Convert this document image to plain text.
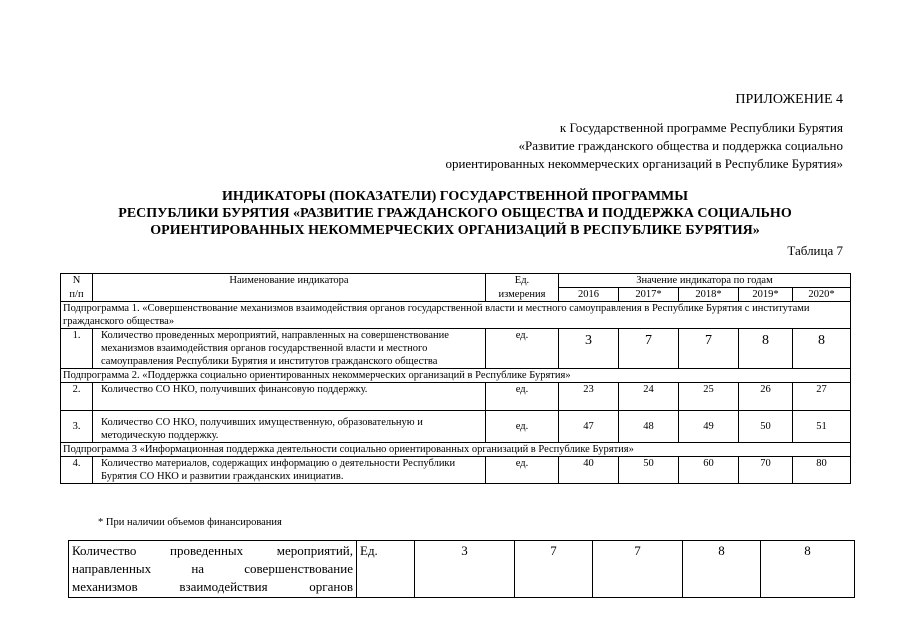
ПРИЛОЖЕНИЕ 4
к Государственной программе Республики Бурятия
«Развитие гражданского общества и поддержка социально
ориентированных некоммерческих организаций в Республике Бурятия»
ИНДИКАТОРЫ (ПОКАЗАТЕЛИ) ГОСУДАРСТВЕННОЙ ПРОГРАММЫ
РЕСПУБЛИКИ БУРЯТИЯ «РАЗВИТИЕ ГРАЖДАНСКОГО ОБЩЕСТВА И ПОДДЕРЖКА СОЦИАЛЬНО
ОРИЕНТИРОВАННЫХ НЕКОММЕРЧЕСКИХ ОРГАНИЗАЦИЙ В РЕСПУБЛИКЕ БУРЯТИЯ»
Таблица 7
N	Наименование индикатора	Ед.	Значение индикатора по годам				
п/п		измерения	2016	2017*	2018*	2019*	2020*
Подпрограмма 1. «Совершенствование механизмов взаимодействия органов государственной власти и местного самоуправления в Республике Бурятия с институтами гражданского общества»							
1.	Количество проведенных мероприятий, направленных на совершенствование механизмов взаимодействия органов государственной власти и местного самоуправления Республики Бурятия и институтов гражданского общества	ед.	3	7	7	8	8
Подпрограмма 2. «Поддержка социально ориентированных некоммерческих организаций в Республике Бурятия»							
2.	Количество СО НКО, получивших финансовую поддержку.	ед.	23	24	25	26	27
3.	Количество СО НКО, получивших имущественную, образовательную и методическую поддержку.	ед.	47	48	49	50	51
Подпрограмма 3 «Информационная поддержка деятельности социально ориентированных организаций в Республике Бурятия»							
4.	Количество материалов, содержащих информацию о деятельности Республики Бурятия СО НКО и развитии гражданских инициатив.	ед.	40	50	60	70	80
* При наличии объемов финансирования
Количество проведенных мероприятий,
направленных на совершенствование
механизмов взаимодействия органов
	Ед.	3	7	7	8	8
